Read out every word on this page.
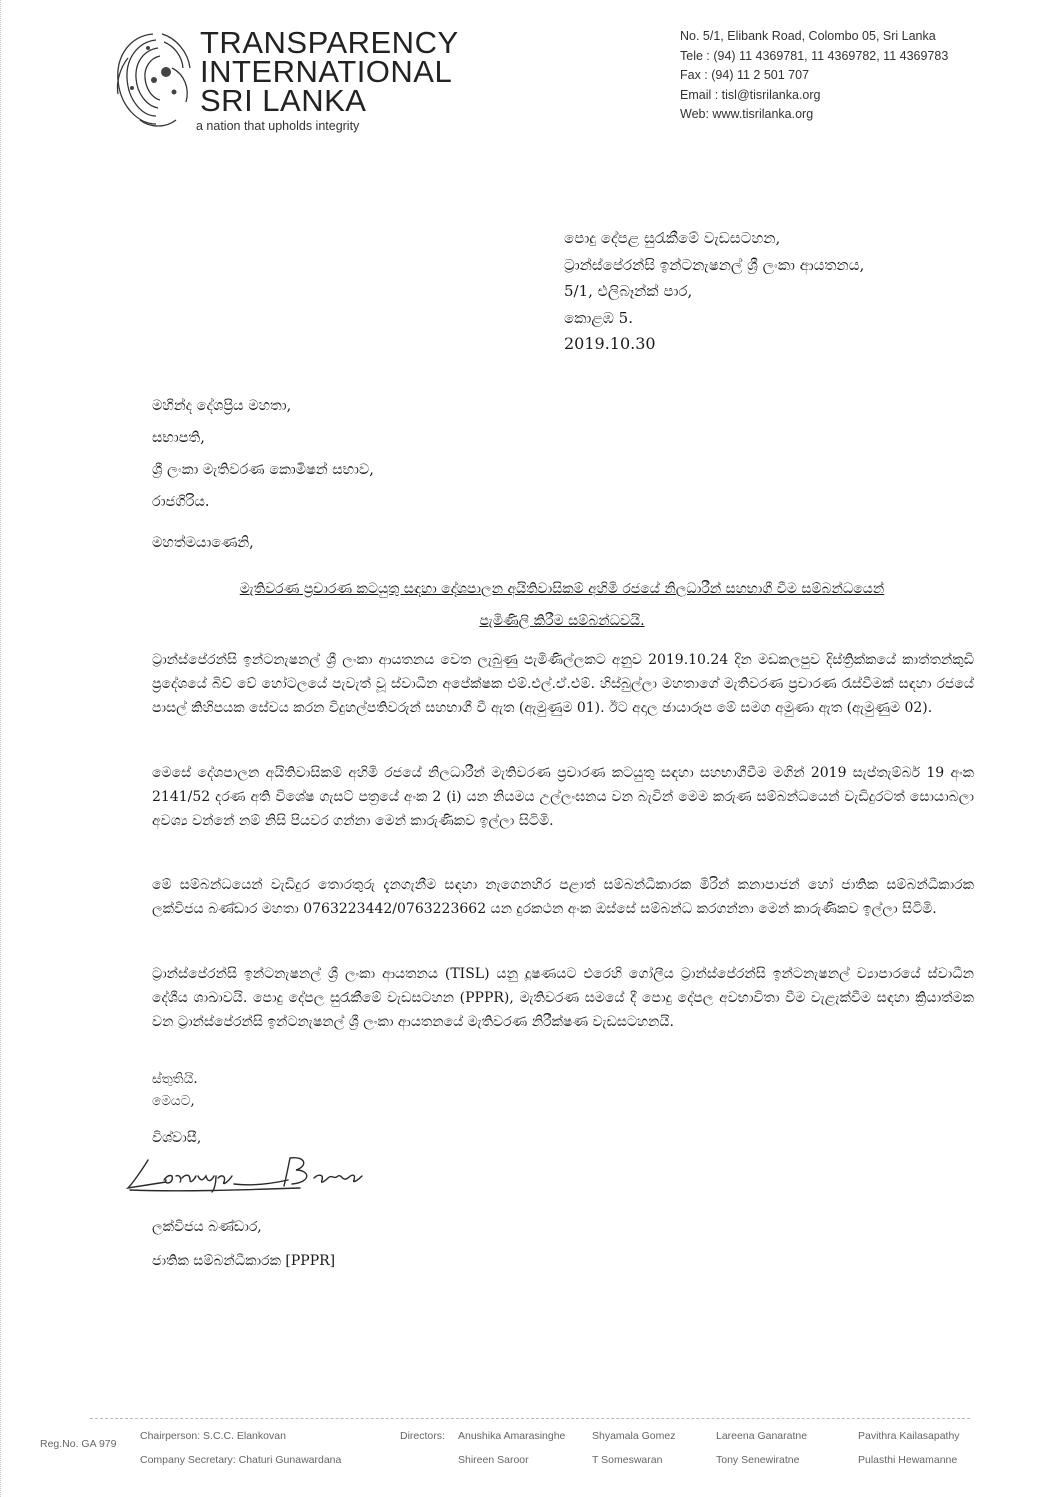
TRANSPARENCY
INTERNATIONAL
SRI LANKA
a nation that upholds integrity
No. 5/1, Elibank Road, Colombo 05, Sri Lanka
Tele : (94) 11 4369781, 11 4369782, 11 4369783
Fax : (94) 11 2 501 707
Email : tisl@tisrilanka.org
Web: www.tisrilanka.org
පොදු දේපළ සුරැකීමේ වැඩසටහන,
ට්‍රාන්ස්පේරන්සි ඉන්ටනැෂනල් ශ්‍රී ලංකා ආයතනය,
5/1, එලිබෑන්ක් පාර,
කොළඹ 5.
2019.10.30
මහින්ද දේශප්‍රිය මහතා,
සභාපති,
ශ්‍රී ලංකා මැතිවරණ කොමිෂන් සභාව,
රාජගිරිය.
මහත්මයාණෙනි,
මැතිවරණ ප්‍රචාරණ කටයුතු සඳහා දේශපාලන අයිතිවාසිකම් අහිමි රජයේ නිලධාරීන් සහභාගී වීම සම්බන්ධයෙන්
පැමිණිලි කිරීම සම්බන්ධවයි.
ට්‍රාන්ස්පේරන්සි ඉන්ටනැෂනල් ශ්‍රී ලංකා ආයතනය වෙත ලැබුණු පැමිණිල්ලකට අනුව 2019.10.24 දින මඩකලපුව දිස්ත්‍රික්කයේ කාත්තන්කුඩි ප්‍රදේශයේ බිච් වේ හෝටලයේ පැවැත් වූ ස්වාධීන අපේක්ෂක එම්.එල්.ඒ.එම්. හිස්බුල්ලා මහතාගේ මැතිවරණ ප්‍රචාරණ රැස්වීමක් සඳහා රජයේ පාසල් කිහිපයක සේවය කරන විදුහල්පතිවරුන් සහභාගී වී ඇත (ඇමුණුම 01). ඊට අදාල ඡායාරූප මේ සමග අමුණා ඇත (ඇමුණුම 02).
මෙසේ දේශපාලන අයිතිවාසිකම් අහිමි රජයේ නිලධාරීන් මැතිවරණ ප්‍රචාරණ කටයුතු සඳහා සහභාගීවීම මගින් 2019 සැප්තැම්බර් 19 අංක 2141/52 දරණ අති විශේෂ ගැසට් පත්‍රයේ අංක 2 (i) යන නියමය උල්ලංඝනය වන බැවින් මෙම කරුණ සම්බන්ධයෙන් වැඩිදුරටත් සොයාබලා අවශ්‍ය වන්නේ නම් නිසි පියවර ගන්නා මෙන් කාරුණිකව ඉල්ලා සිටිමි.
මේ සම්බන්ධයෙන් වැඩිදුර තොරතුරු දැනගැනීම සඳහා නැගෙනහිර පළාත් සම්බන්ධීකාරක මිරින් කනාපාජන් හෝ ජාතික සම්බන්ධීකාරක ලක්විජය බණ්ඩාර මහතා 0763223442/0763223662 යන දුරකථන අංක ඔස්සේ සම්බන්ධ කරගන්නා මෙන් කාරුණිකව ඉල්ලා සිටිමි.
ට්‍රාන්ස්පේරන්සි ඉන්ටනැෂනල් ශ්‍රී ලංකා ආයතනය (TISL) යනු දූෂණයට එරෙහි ගෝලීය ට්‍රාන්ස්පේරන්සි ඉන්ටනැෂනල් ව්‍යාපාරයේ ස්වාධීන දේශීය ශාඛාවයි. පොදු දේපල සුරැකීමේ වැඩසටහන (PPPR), මැතිවරණ සමයේ දී පොදු දේපල අවභාවිතා වීම වැළැක්වීම සඳහා ක්‍රියාත්මක වන ට්‍රාන්ස්පේරන්සි ඉන්ටනැෂනල් ශ්‍රී ලංකා ආයතනයේ මැතිවරණ නිරීක්ෂණ වැඩසටහනයි.
ස්තුතියි.
මෙයට,
විශ්වාසී,
ලක්විජය බණ්ඩාර,
ජාතික සම්බන්ධීකාරක [PPPR]
Reg.No. GA 979
Chairperson: S.C.C. Elankovan
Company Secretary: Chaturi Gunawardana
Directors: Anushika Amarasinghe	Shyamala Gomez	Lareena Ganaratne	Pavithra Kailasapathy
Shireen Saroor	T Someswaran	Tony Senewiratne	Pulasthi Hewamanne
